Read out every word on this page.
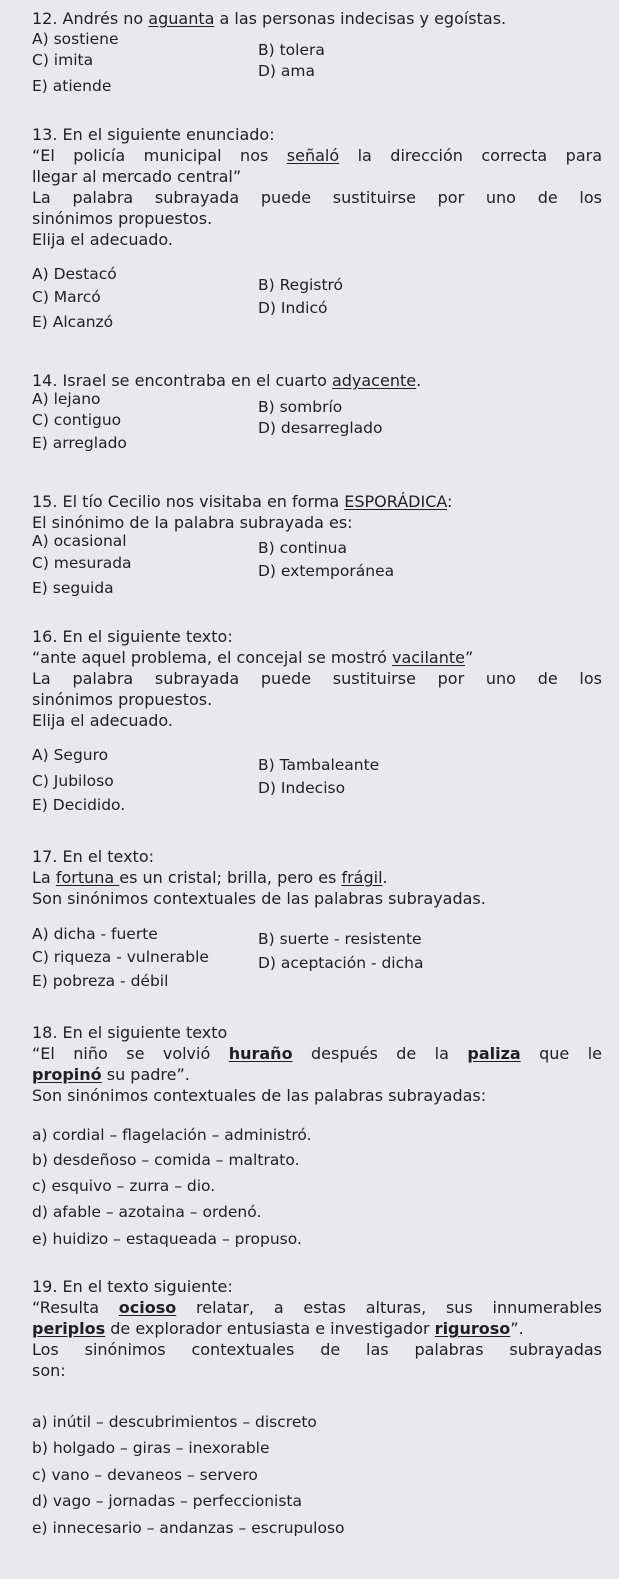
12. Andrés no aguanta a las personas indecisas y egoístas.
A) sostiene
B) tolera
C) imita
D) ama
E) atiende
13. En el siguiente enunciado:
“El policía municipal nos señaló la dirección correcta para
llegar al mercado central”
La palabra subrayada puede sustituirse por uno de los
sinónimos propuestos.
Elija el adecuado.
A) Destacó
B) Registró
C) Marcó
D) Indicó
E) Alcanzó
14. Israel se encontraba en el cuarto adyacente.
A) lejano	B) sombrío
C) contiguo	D) desarreglado
E) arreglado
15. El tío Cecilio nos visitaba en forma ESPORÁDICA:
El sinónimo de la palabra subrayada es:
A) ocasional	B) continua
C) mesurada	D) extemporánea
E) seguida
16. En el siguiente texto:
“ante aquel problema, el concejal se mostró vacilante”
La palabra subrayada puede sustituirse por uno de los
sinónimos propuestos.
Elija el adecuado.
A) Seguro
B) Tambaleante
C) Jubiloso	D) Indeciso
E) Decidido.
17. En el texto:
La fortuna es un cristal; brilla, pero es frágil.
Son sinónimos contextuales de las palabras subrayadas.
A) dicha - fuerte	B) suerte - resistente
C) riqueza - vulnerable	D) aceptación - dicha
E) pobreza - débil
18. En el siguiente texto
“El niño se volvió huraño después de la paliza que le
propinó su padre”.
Son sinónimos contextuales de las palabras subrayadas:
a) cordial – flagelación – administró.
b) desdeñoso – comida – maltrato.
c) esquivo – zurra – dio.
d) afable – azotaina – ordenó.
e) huidizo – estaqueada – propuso.
19. En el texto siguiente:
“Resulta ocioso relatar, a estas alturas, sus innumerables
periplos de explorador entusiasta e investigador riguroso”.
Los sinónimos contextuales de las palabras subrayadas
son:
a) inútil – descubrimientos – discreto
b) holgado – giras – inexorable
c) vano – devaneos – servero
d) vago – jornadas – perfeccionista
e) innecesario – andanzas – escrupuloso
